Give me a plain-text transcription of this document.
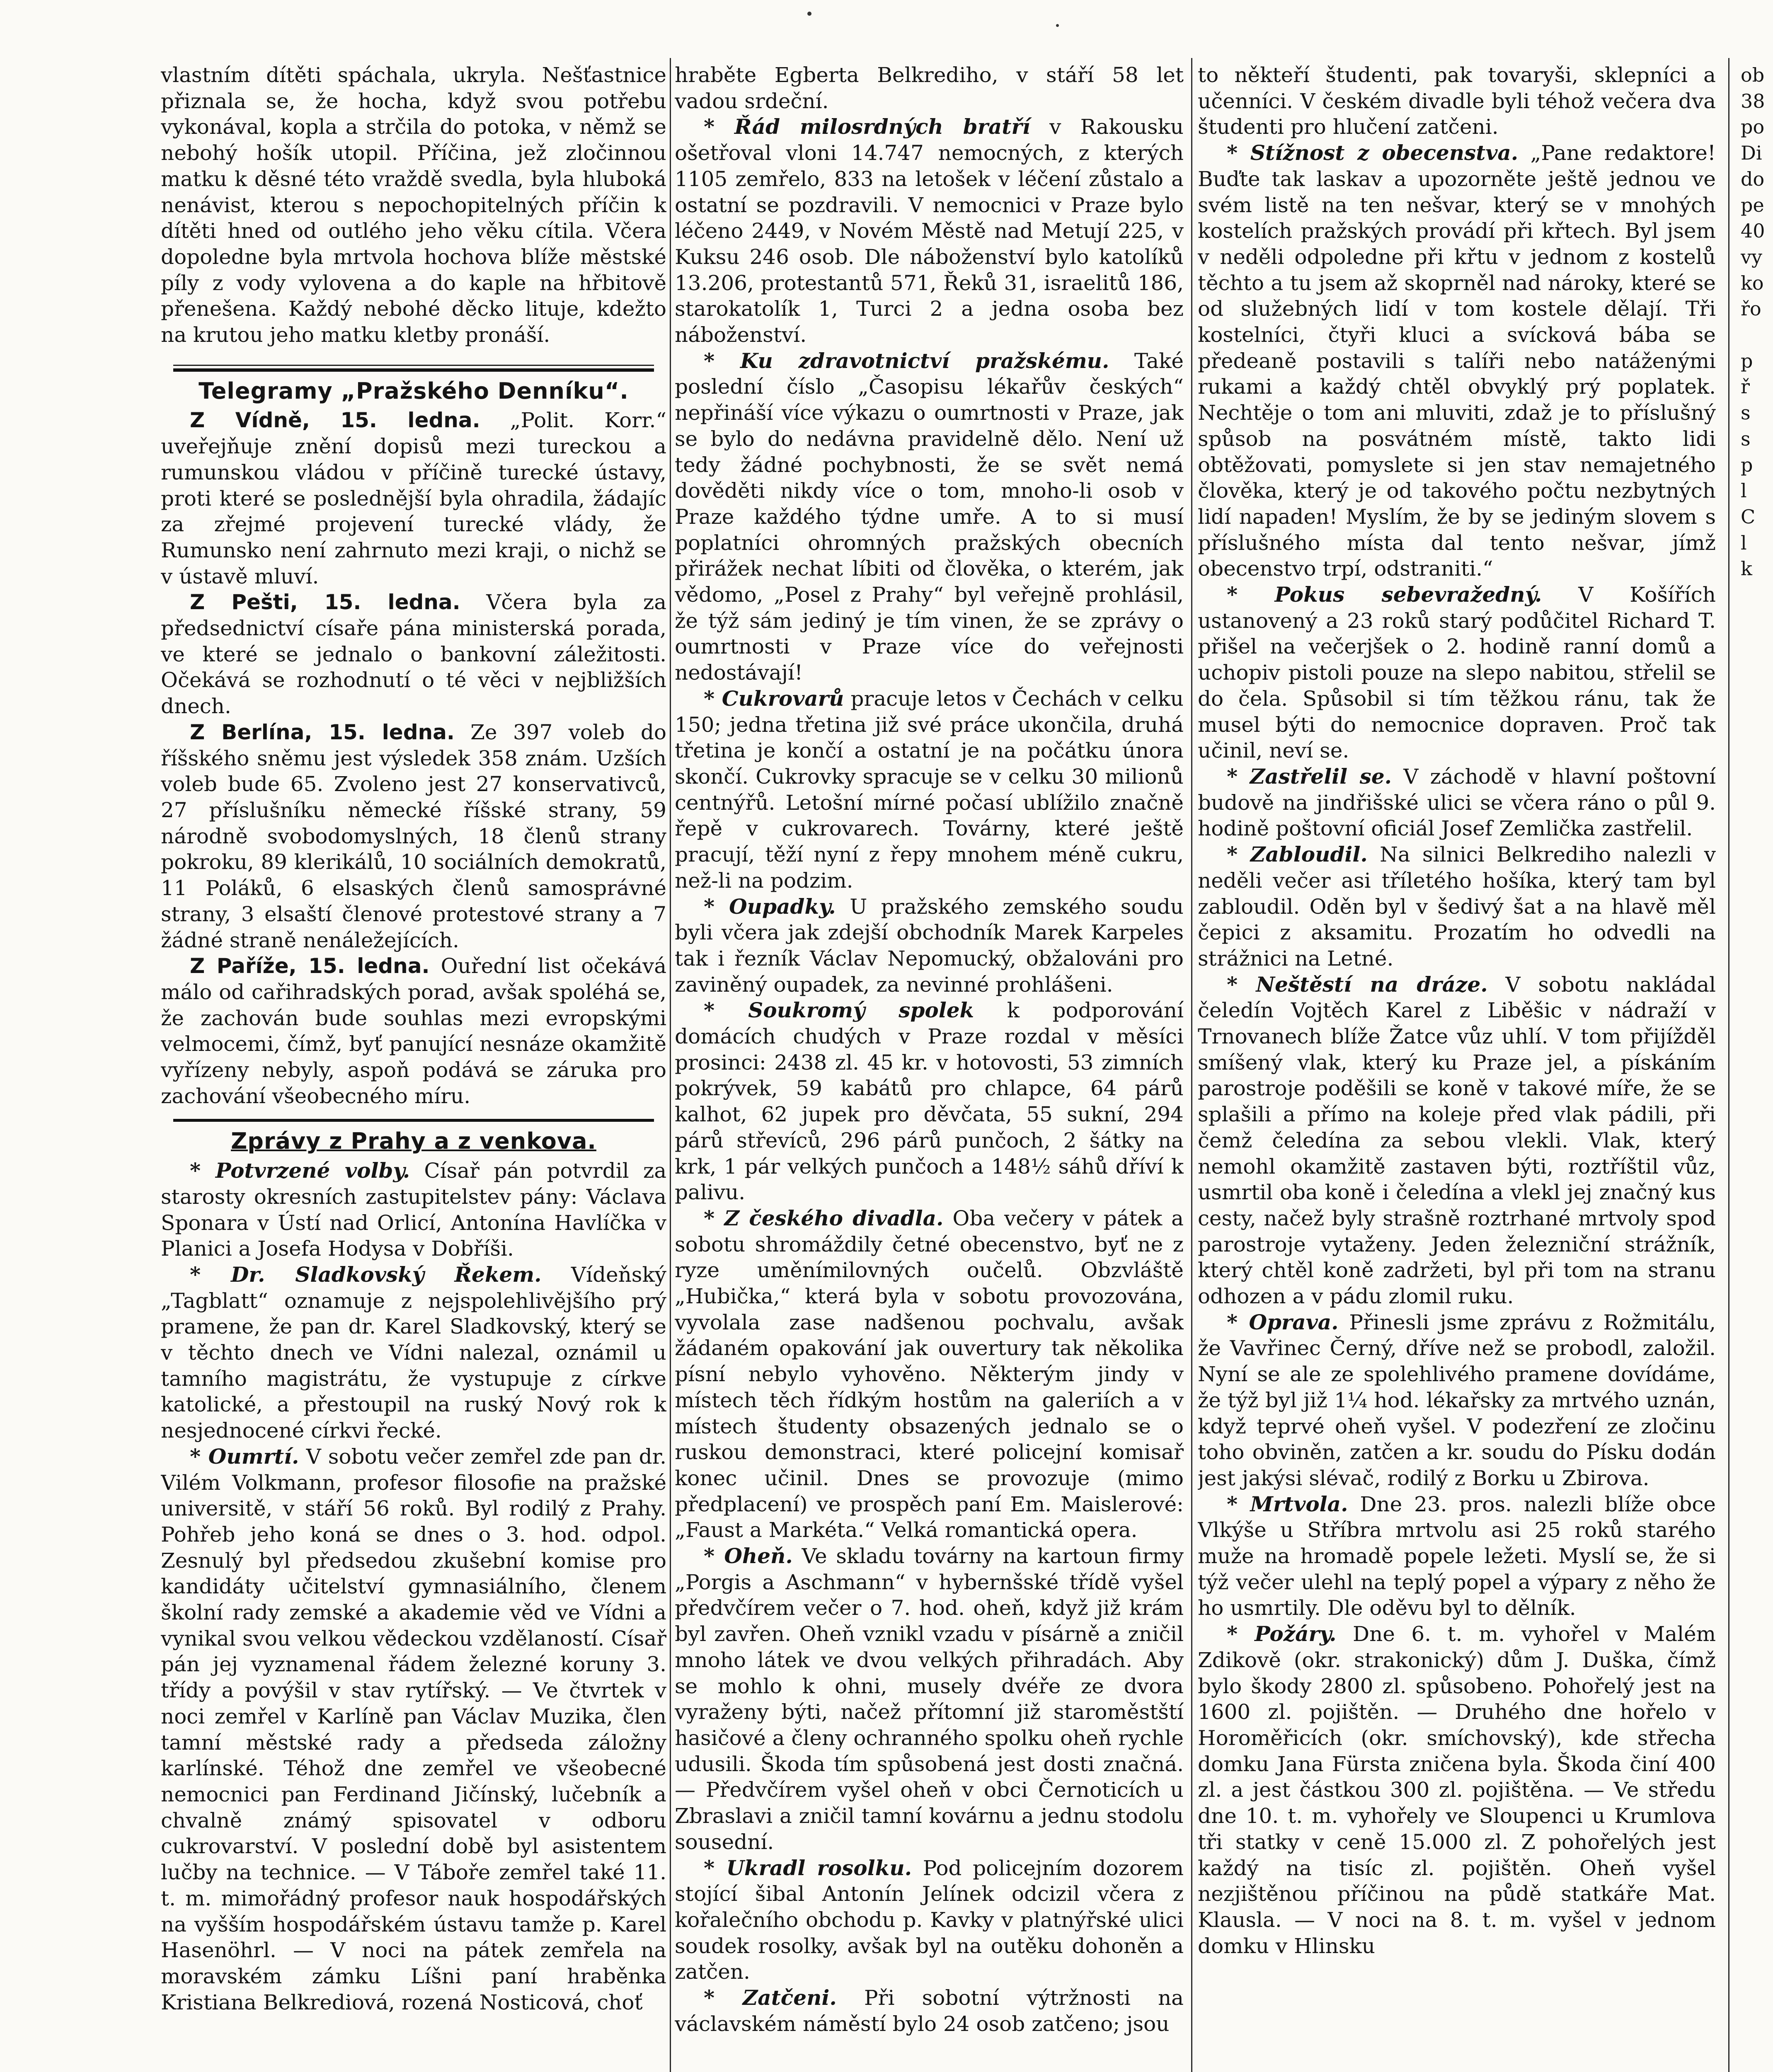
vlastním dítěti spáchala, ukryla. Nešťastnice přiznala se, že hocha, když svou potřebu vykonával, kopla a strčila do potoka, v němž se nebohý hošík utopil. Příčina, jež zločinnou matku k děsné této vraždě svedla, byla hluboká nenávist, kterou s nepochopitelných příčin k dítěti hned od outlého jeho věku cítila. Včera dopoledne byla mrtvola hochova blíže městské píly z vody vylovena a do kaple na hřbitově přenešena. Každý nebohé děcko lituje, kdežto na krutou jeho matku kletby pronáší.

Telegramy „Pražského Denníku“.

Z Vídně, 15. ledna. „Polit. Korr.“ uveřejňuje znění dopisů mezi tureckou a rumunskou vládou v příčině turecké ústavy, proti které se poslednější byla ohradila, žádajíc za zřejmé projevení turecké vlády, že Rumunsko není zahrnuto mezi kraji, o nichž se v ústavě mluví.

Z Pešti, 15. ledna. Včera byla za předsednictví císaře pána ministerská porada, ve které se jednalo o bankovní záležitosti. Očekává se rozhodnutí o té věci v nejbližších dnech.

Z Berlína, 15. ledna. Ze 397 voleb do říšského sněmu jest výsledek 358 znám. Uzších voleb bude 65. Zvoleno jest 27 konservativců, 27 příslušníku německé říšské strany, 59 národně svobodomyslných, 18 členů strany pokroku, 89 klerikálů, 10 sociálních demokratů, 11 Poláků, 6 elsaských členů samosprávné strany, 3 elsaští členové protestové strany a 7 žádné straně nenáležejících.

Z Paříže, 15. ledna. Ouřední list očekává málo od cařihradských porad, avšak spoléhá se, že zachován bude souhlas mezi evropskými velmocemi, čímž, byť panující nesnáze okamžitě vyřízeny nebyly, aspoň podává se záruka pro zachování všeobecného míru.

Zprávy z Prahy a z venkova.

* Potvrzené volby. Císař pán potvrdil za starosty okresních zastupitelstev pány: Václava Sponara v Ústí nad Orlicí, Antonína Havlíčka v Planici a Josefa Hodysa v Dobříši.

* Dr. Sladkovský Řekem. Vídeňský „Tagblatt“ oznamuje z nejspolehlivějšího prý pramene, že pan dr. Karel Sladkovský, který se v těchto dnech ve Vídni nalezal, oznámil u tamního magistrátu, že vystupuje z církve katolické, a přestoupil na ruský Nový rok k nesjednocené církvi řecké.

* Oumrtí. V sobotu večer zemřel zde pan dr. Vilém Volkmann, profesor filosofie na pražské universitě, v stáří 56 roků. Byl rodilý z Prahy. Pohřeb jeho koná se dnes o 3. hod. odpol. Zesnulý byl předsedou zkušební komise pro kandidáty učitelství gymnasiálního, členem školní rady zemské a akademie věd ve Vídni a vynikal svou velkou vědeckou vzdělaností. Císař pán jej vyznamenal řádem železné koruny 3. třídy a povýšil v stav rytířský. — Ve čtvrtek v noci zemřel v Karlíně pan Václav Muzika, člen tamní městské rady a předseda záložny karlínské. Téhož dne zemřel ve všeobecné nemocnici pan Ferdinand Jičínský, lučebník a chvalně známý spisovatel v odboru cukrovarství. V poslední době byl asistentem lučby na technice. — V Táboře zemřel také 11. t. m. mimořádný profesor nauk hospodářských na vyšším hospodářském ústavu tamže p. Karel Hasenöhrl. — V noci na pátek zemřela na moravském zámku Líšni paní hraběnka Kristiana Belkrediová, rozená Nosticová, choť

hraběte Egberta Belkrediho, v stáří 58 let vadou srdeční.

* Řád milosrdných bratří v Rakousku ošetřoval vloni 14.747 nemocných, z kterých 1105 zemřelo, 833 na letošek v léčení zůstalo a ostatní se pozdravili. V nemocnici v Praze bylo léčeno 2449, v Novém Městě nad Metují 225, v Kuksu 246 osob. Dle náboženství bylo katolíků 13.206, protestantů 571, Řeků 31, israelitů 186, starokatolík 1, Turci 2 a jedna osoba bez náboženství.

* Ku zdravotnictví pražskému. Také poslední číslo „Časopisu lékařův českých“ nepřináší více výkazu o oumrtnosti v Praze, jak se bylo do nedávna pravidelně dělo. Není už tedy žádné pochybnosti, že se svět nemá dověděti nikdy více o tom, mnoho-li osob v Praze každého týdne umře. A to si musí poplatníci ohromných pražských obecních přirážek nechat líbiti od člověka, o kterém, jak vědomo, „Posel z Prahy“ byl veřejně prohlásil, že týž sám jediný je tím vinen, že se zprávy o oumrtnosti v Praze více do veřejnosti nedostávají!

* Cukrovarů pracuje letos v Čechách v celku 150; jedna třetina již své práce ukončila, druhá třetina je končí a ostatní je na počátku února skončí. Cukrovky spracuje se v celku 30 milionů centnýřů. Letošní mírné počasí ublížilo značně řepě v cukrovarech. Továrny, které ještě pracují, těží nyní z řepy mnohem méně cukru, než-li na podzim.

* Oupadky. U pražského zemského soudu byli včera jak zdejší obchodník Marek Karpeles tak i řezník Václav Nepomucký, obžalováni pro zaviněný oupadek, za nevinné prohlášeni.

* Soukromý spolek k podporování domácích chudých v Praze rozdal v měsíci prosinci: 2438 zl. 45 kr. v hotovosti, 53 zimních pokrývek, 59 kabátů pro chlapce, 64 párů kalhot, 62 jupek pro děvčata, 55 sukní, 294 párů střevíců, 296 párů punčoch, 2 šátky na krk, 1 pár velkých punčoch a 148½ sáhů dříví k palivu.

* Z českého divadla. Oba večery v pátek a sobotu shromáždily četné obecenstvo, byť ne z ryze uměnímilovných oučelů. Obzvláště „Hubička,“ která byla v sobotu provozována, vyvolala zase nadšenou pochvalu, avšak žádaném opakování jak ouvertury tak několika písní nebylo vyhověno. Některým jindy v místech těch řídkým hostům na galeriích a v místech študenty obsazených jednalo se o ruskou demonstraci, které policejní komisař konec učinil. Dnes se provozuje (mimo předplacení) ve prospěch paní Em. Maislerové: „Faust a Markéta.“ Velká romantická opera.

* Oheň. Ve skladu továrny na kartoun firmy „Porgis a Aschmann“ v hybernšské třídě vyšel předvčírem večer o 7. hod. oheň, když již krám byl zavřen. Oheň vznikl vzadu v písárně a zničil mnoho látek ve dvou velkých přihradách. Aby se mohlo k ohni, musely dvéře ze dvora vyraženy býti, načež přítomní již staroměstští hasičové a členy ochranného spolku oheň rychle udusili. Škoda tím spůsobená jest dosti značná. — Předvčírem vyšel oheň v obci Černoticích u Zbraslavi a zničil tamní kovárnu a jednu stodolu sousední.

* Ukradl rosolku. Pod policejním dozorem stojící šibal Antonín Jelínek odcizil včera z kořalečního obchodu p. Kavky v platnýřské ulici soudek rosolky, avšak byl na outěku dohoněn a zatčen.

* Zatčeni. Při sobotní výtržnosti na václavském náměstí bylo 24 osob zatčeno; jsou

to někteří študenti, pak tovaryši, sklepníci a učenníci. V českém divadle byli téhož večera dva študenti pro hlučení zatčeni.

* Stížnost z obecenstva. „Pane redaktore! Buďte tak laskav a upozorněte ještě jednou ve svém listě na ten nešvar, který se v mnohých kostelích pražských provádí při křtech. Byl jsem v neděli odpoledne při křtu v jednom z kostelů těchto a tu jsem až skoprněl nad nároky, které se od služebných lidí v tom kostele dělají. Tři kostelníci, čtyři kluci a svícková bába se předeaně postavili s talíři nebo natáženými rukami a každý chtěl obvyklý prý poplatek. Nechtěje o tom ani mluviti, zdaž je to příslušný spůsob na posvátném místě, takto lidi obtěžovati, pomyslete si jen stav nemajetného člověka, který je od takového počtu nezbytných lidí napaden! Myslím, že by se jediným slovem s příslušného místa dal tento nešvar, jímž obecenstvo trpí, odstraniti.“

* Pokus sebevražedný. V Košířích ustanovený a 23 roků starý podůčitel Richard T. přišel na večerjšek o 2. hodině ranní domů a uchopiv pistoli pouze na slepo nabitou, střelil se do čela. Spůsobil si tím těžkou ránu, tak že musel býti do nemocnice dopraven. Proč tak učinil, neví se.

* Zastřelil se. V záchodě v hlavní poštovní budově na jindřišské ulici se včera ráno o půl 9. hodině poštovní oficiál Josef Zemlička zastřelil.

* Zabloudil. Na silnici Belkrediho nalezli v neděli večer asi tříletého hošíka, který tam byl zabloudil. Oděn byl v šedivý šat a na hlavě měl čepici z aksamitu. Prozatím ho odvedli na strážnici na Letné.

* Neštěstí na dráze. V sobotu nakládal čeledín Vojtěch Karel z Liběšic v nádraží v Trnovanech blíže Žatce vůz uhlí. V tom přijížděl smíšený vlak, který ku Praze jel, a pískáním parostroje poděšili se koně v takové míře, že se splašili a přímo na koleje před vlak pádili, při čemž čeledína za sebou vlekli. Vlak, který nemohl okamžitě zastaven býti, roztříštil vůz, usmrtil oba koně i čeledína a vlekl jej značný kus cesty, načež byly strašně roztrhané mrtvoly spod parostroje vytaženy. Jeden železniční strážník, který chtěl koně zadržeti, byl při tom na stranu odhozen a v pádu zlomil ruku.

* Oprava. Přinesli jsme zprávu z Rožmitálu, že Vavřinec Černý, dříve než se probodl, založil. Nyní se ale ze spolehlivého pramene dovídáme, že týž byl již 1¼ hod. lékařsky za mrtvého uznán, když teprvé oheň vyšel. V podezření ze zločinu toho obviněn, zatčen a kr. soudu do Písku dodán jest jakýsi slévač, rodilý z Borku u Zbirova.

* Mrtvola. Dne 23. pros. nalezli blíže obce Vlkýše u Stříbra mrtvolu asi 25 roků starého muže na hromadě popele ležeti. Myslí se, že si týž večer ulehl na teplý popel a výpary z něho že ho usmrtily. Dle oděvu byl to dělník.

* Požáry. Dne 6. t. m. vyhořel v Malém Zdikově (okr. strakonický) dům J. Duška, čímž bylo škody 2800 zl. spůsobeno. Pohořelý jest na 1600 zl. pojištěn. — Druhého dne hořelo v Horoměřicích (okr. smíchovský), kde střecha domku Jana Fürsta zničena byla. Škoda činí 400 zl. a jest částkou 300 zl. pojištěna. — Ve středu dne 10. t. m. vyhořely ve Sloupenci u Krumlova tři statky v ceně 15.000 zl. Z pohořelých jest každý na tisíc zl. pojištěn. Oheň vyšel nezjištěnou příčinou na půdě statkáře Mat. Klausla. — V noci na 8. t. m. vyšel v jednom domku v Hlinsku

ob
38
po
Di
do
pe
40
vy
ko
řo

p
ř
s
s
p
l
C
l
k
